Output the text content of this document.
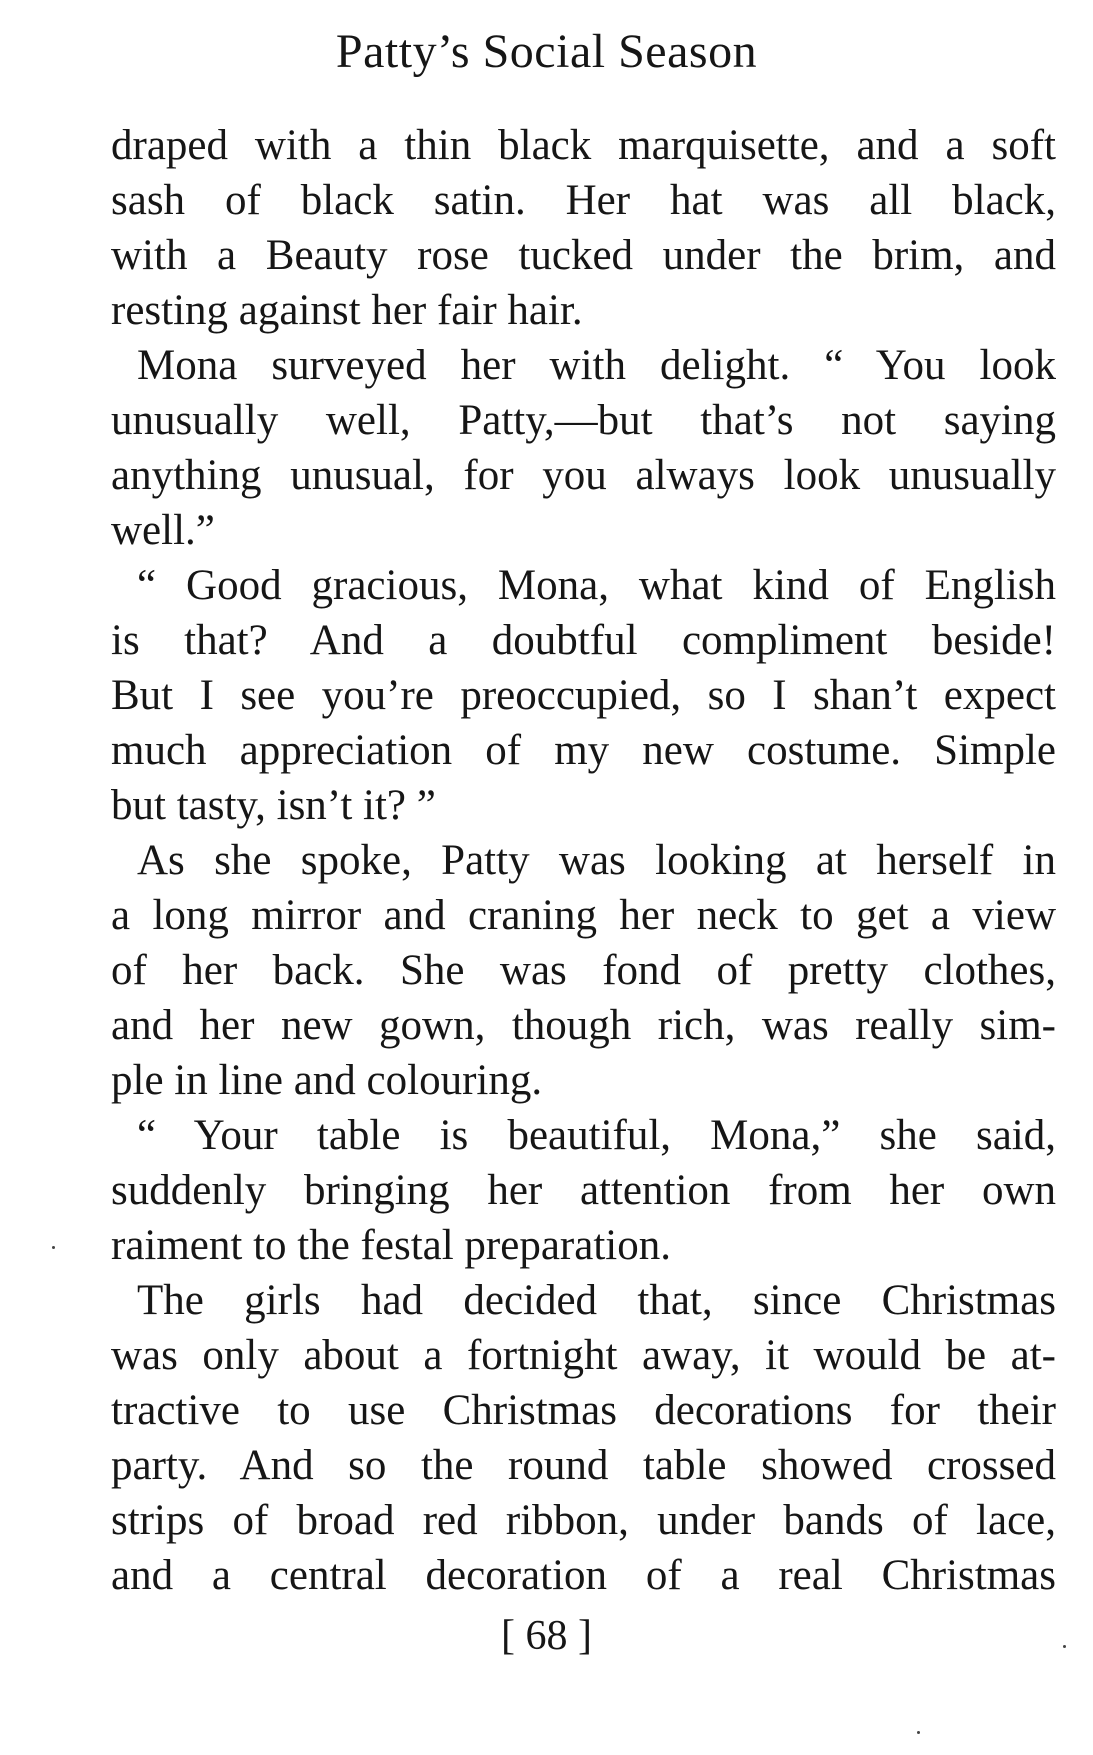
Patty’s Social Season
draped with a thin black marquisette, and a soft
sash of black satin. Her hat was all black,
with a Beauty rose tucked under the brim, and
resting against her fair hair.
Mona surveyed her with delight. “ You look
unusually well, Patty,—but that’s not saying
anything unusual, for you always look unusually
well.”
“ Good gracious, Mona, what kind of English
is that? And a doubtful compliment beside!
But I see you’re preoccupied, so I shan’t expect
much appreciation of my new costume. Simple
but tasty, isn’t it? ”
As she spoke, Patty was looking at herself in
a long mirror and craning her neck to get a view
of her back. She was fond of pretty clothes,
and her new gown, though rich, was really sim-
ple in line and colouring.
“ Your table is beautiful, Mona,” she said,
suddenly bringing her attention from her own
raiment to the festal preparation.
The girls had decided that, since Christmas
was only about a fortnight away, it would be at-
tractive to use Christmas decorations for their
party. And so the round table showed crossed
strips of broad red ribbon, under bands of lace,
and a central decoration of a real Christmas
[ 68 ]
